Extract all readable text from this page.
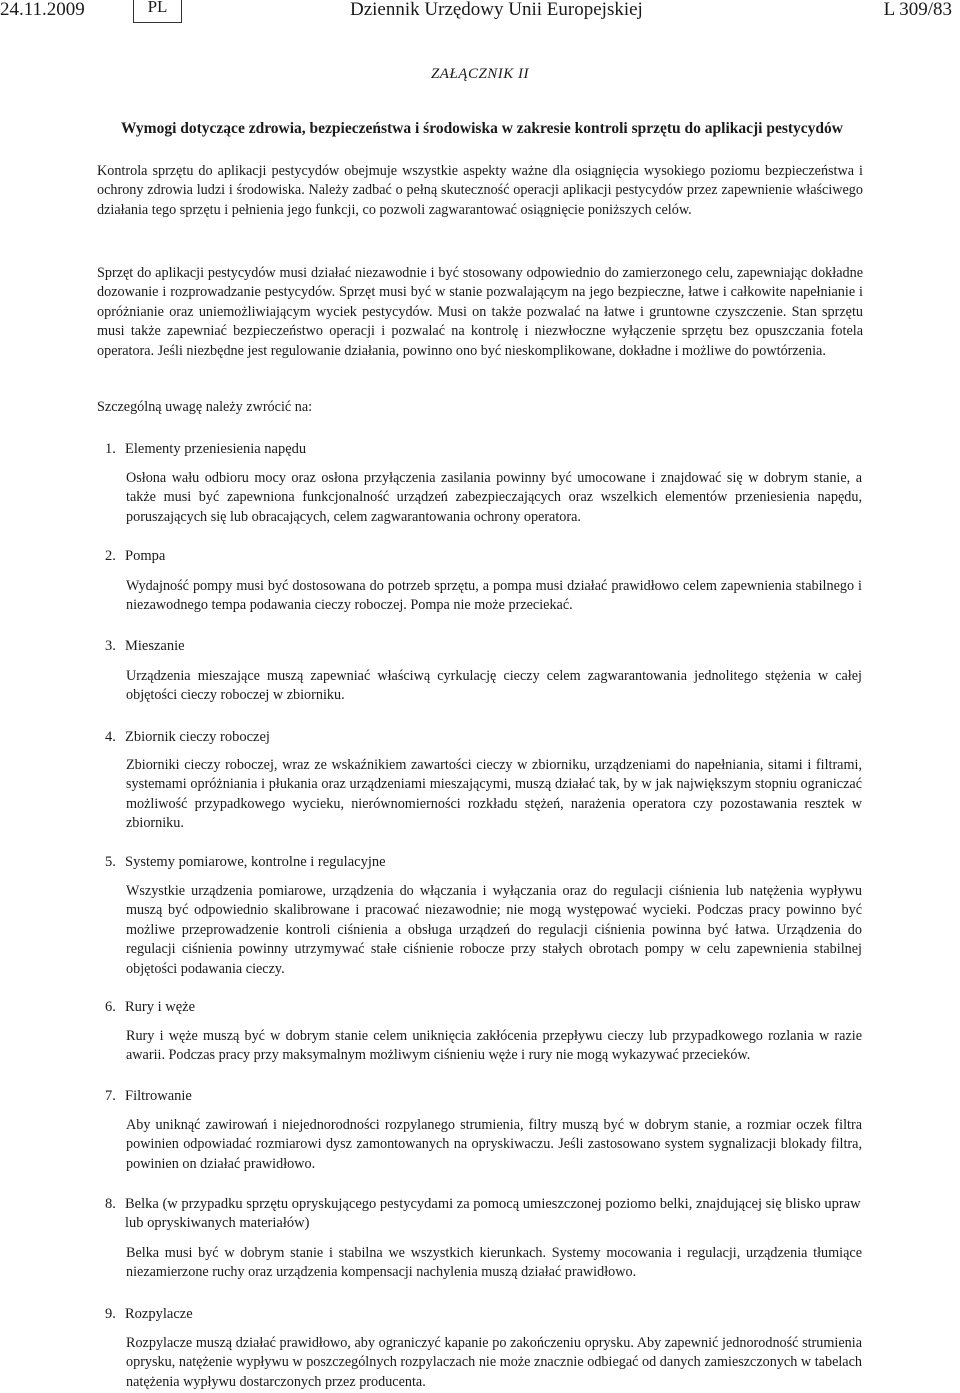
24.11.2009	PL	Dziennik Urzędowy Unii Europejskiej	L 309/83
ZAŁĄCZNIK II
Wymogi dotyczące zdrowia, bezpieczeństwa i środowiska w zakresie kontroli sprzętu do aplikacji pestycydów

Kontrola sprzętu do aplikacji pestycydów obejmuje wszystkie aspekty ważne dla osiągnięcia wysokiego poziomu bezpieczeństwa i ochrony zdrowia ludzi i środowiska. Należy zadbać o pełną skuteczność operacji aplikacji pestycydów przez zapewnienie właściwego działania tego sprzętu i pełnienia jego funkcji, co pozwoli zagwarantować osiągnięcie poniższych celów.

Sprzęt do aplikacji pestycydów musi działać niezawodnie i być stosowany odpowiednio do zamierzonego celu, zapewniając dokładne dozowanie i rozprowadzanie pestycydów. Sprzęt musi być w stanie pozwalającym na jego bezpieczne, łatwe i całkowite napełnianie i opróżnianie oraz uniemożliwiającym wyciek pestycydów. Musi on także pozwalać na łatwe i gruntowne czyszczenie. Stan sprzętu musi także zapewniać bezpieczeństwo operacji i pozwalać na kontrolę i niezwłoczne wyłączenie sprzętu bez opuszczania fotela operatora. Jeśli niezbędne jest regulowanie działania, powinno ono być nieskomplikowane, dokładne i możliwe do powtórzenia.

Szczególną uwagę należy zwrócić na:

1. Elementy przeniesienia napędu

Osłona wału odbioru mocy oraz osłona przyłączenia zasilania powinny być umocowane i znajdować się w dobrym stanie, a także musi być zapewniona funkcjonalność urządzeń zabezpieczających oraz wszelkich elementów przeniesienia napędu, poruszających się lub obracających, celem zagwarantowania ochrony operatora.

2. Pompa

Wydajność pompy musi być dostosowana do potrzeb sprzętu, a pompa musi działać prawidłowo celem zapewnienia stabilnego i niezawodnego tempa podawania cieczy roboczej. Pompa nie może przeciekać.

3. Mieszanie

Urządzenia mieszające muszą zapewniać właściwą cyrkulację cieczy celem zagwarantowania jednolitego stężenia w całej objętości cieczy roboczej w zbiorniku.

4. Zbiornik cieczy roboczej

Zbiorniki cieczy roboczej, wraz ze wskaźnikiem zawartości cieczy w zbiorniku, urządzeniami do napełniania, sitami i filtrami, systemami opróżniania i płukania oraz urządzeniami mieszającymi, muszą działać tak, by w jak największym stopniu ograniczać możliwość przypadkowego wycieku, nierównomierności rozkładu stężeń, narażenia operatora czy pozostawania resztek w zbiorniku.

5. Systemy pomiarowe, kontrolne i regulacyjne

Wszystkie urządzenia pomiarowe, urządzenia do włączania i wyłączania oraz do regulacji ciśnienia lub natężenia wypływu muszą być odpowiednio skalibrowane i pracować niezawodnie; nie mogą występować wycieki. Podczas pracy powinno być możliwe przeprowadzenie kontroli ciśnienia a obsługa urządzeń do regulacji ciśnienia powinna być łatwa. Urządzenia do regulacji ciśnienia powinny utrzymywać stałe ciśnienie robocze przy stałych obrotach pompy w celu zapewnienia stabilnej objętości podawania cieczy.

6. Rury i węże

Rury i węże muszą być w dobrym stanie celem uniknięcia zakłócenia przepływu cieczy lub przypadkowego rozlania w razie awarii. Podczas pracy przy maksymalnym możliwym ciśnieniu węże i rury nie mogą wykazywać przecieków.

7. Filtrowanie

Aby uniknąć zawirowań i niejednorodności rozpylanego strumienia, filtry muszą być w dobrym stanie, a rozmiar oczek filtra powinien odpowiadać rozmiarowi dysz zamontowanych na opryskiwaczu. Jeśli zastosowano system sygnalizacji blokady filtra, powinien on działać prawidłowo.

8. Belka (w przypadku sprzętu opryskującego pestycydami za pomocą umieszczonej poziomo belki, znajdującej się blisko upraw lub opryskiwanych materiałów)

Belka musi być w dobrym stanie i stabilna we wszystkich kierunkach. Systemy mocowania i regulacji, urządzenia tłumiące niezamierzone ruchy oraz urządzenia kompensacji nachylenia muszą działać prawidłowo.

9. Rozpylacze

Rozpylacze muszą działać prawidłowo, aby ograniczyć kapanie po zakończeniu oprysku. Aby zapewnić jednorodność strumienia oprysku, natężenie wypływu w poszczególnych rozpylaczach nie może znacznie odbiegać od danych zamieszczonych w tabelach natężenia wypływu dostarczonych przez producenta.
